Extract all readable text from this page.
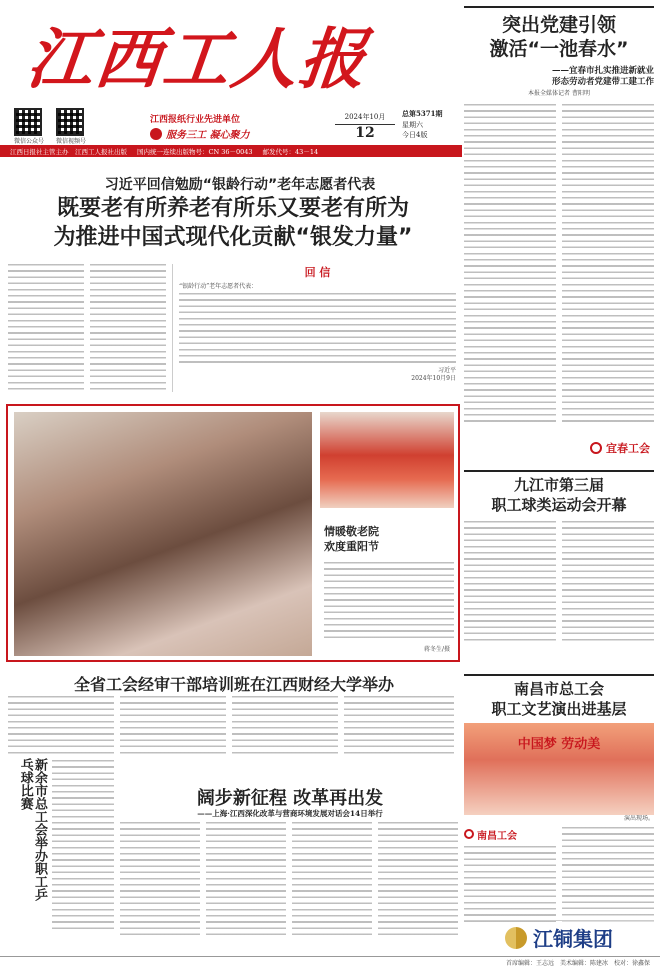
江西工人报
微信公众号 微信视频号
江西报纸行业先进单位
服务三工 凝心聚力
2024年10月
12
总第5371期
星期六
今日4版
江西日报社主管主办　江西工人报社出版 国内统一连续出版物号：CN 36－0043 邮发代号：43－14
突出党建引领
激活“一池春水”
——宜春市扎实推进新就业
形态劳动者党建带工建工作
本报全媒体记者 曹阳明
宜春工会
习近平回信勉励“银龄行动”老年志愿者代表
既要老有所养老有所乐又要老有所为
为推进中国式现代化贡献“银发力量”
回 信
“银龄行动”老年志愿者代表：
习近平
2024年10月9日
情暖敬老院
欢度重阳节
蒋冬生/摄
九江市第三届
职工球类运动会开幕
南昌市总工会
职工文艺演出进基层
中国梦 劳动美
演出现场。
南昌工会
全省工会经审干部培训班在江西财经大学举办
新余市总工会举办职工乒乓球比赛	阔步新征程 改革再出发
——上海·江西深化改革与营商环境发展对话会14日举行
江铜集团
首席编辑：王志远　美术编辑：陈建冰　校对：徐鑫保
